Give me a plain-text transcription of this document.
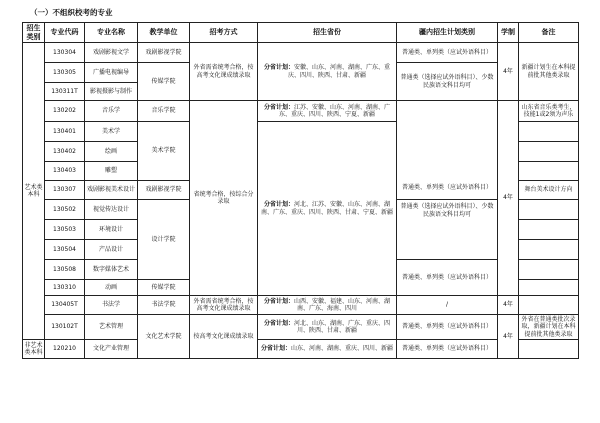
（一）不组织校考的专业
招生类别	专业代码	专业名称	教学单位	招考方式	招生省份	疆内招生计划类别	学制	备注
艺术类本科	130304	戏剧影视文学	戏剧影视学院	外省需省统考合格，按高考文化课成绩录取	分省计划：安徽、山东、河南、湖南、广东、重庆、四川、陕西、甘肃、新疆	普通类、单列类（应试外语科目）	4年	新疆计划生在本科提前批其他类录取
	130305	广播电视编导	传媒学院			普通类（选择应试外语科目）、少数民族语文科目均可		
	130311T	影视摄影与制作						
	130202	音乐学	音乐学院	省统考合格，按综合分录取	分省计划：江苏、安徽、山东、河南、湖南、广东、重庆、四川、陕西、宁夏、新疆	普通类、单列类（应试外语科目）	4年	山东省音乐类考生，技能1或2须为声乐
	130401	美术学	美术学院		分省计划：河北、江苏、安徽、山东、河南、湖南、广东、重庆、四川、陕西、甘肃、宁夏、新疆			
	130402	绘画						
	130403	雕塑						
	130307	戏剧影视美术设计	戏剧影视学院					舞台美术设计方向
	130502	视觉传达设计	设计学院			普通类（选择应试外语科目）、少数民族语文科目均可		
	130503	环境设计						
	130504	产品设计						
	130508	数字媒体艺术				普通类、单列类（应试外语科目）		
	130310	动画	传媒学院					
	130405T	书法学	书法学院	外省需省统考合格，按高考文化课成绩录取	分省计划：山西、安徽、福建、山东、河南、湖南、广东、海南、四川	/	4年	
	130102T	艺术管理	文化艺术学院	按高考文化课成绩录取	分省计划：河北、山东、湖南、广东、重庆、四川、陕西、甘肃、新疆	普通类、单列类（应试外语科目）	4年	外省在普通类批次录取，新疆计划在本科提前批其他类录取
非艺术类本科	120210	文化产业管理			分省计划：山东、河南、湖南、重庆、四川、新疆	普通类、单列类（应试外语科目）		
